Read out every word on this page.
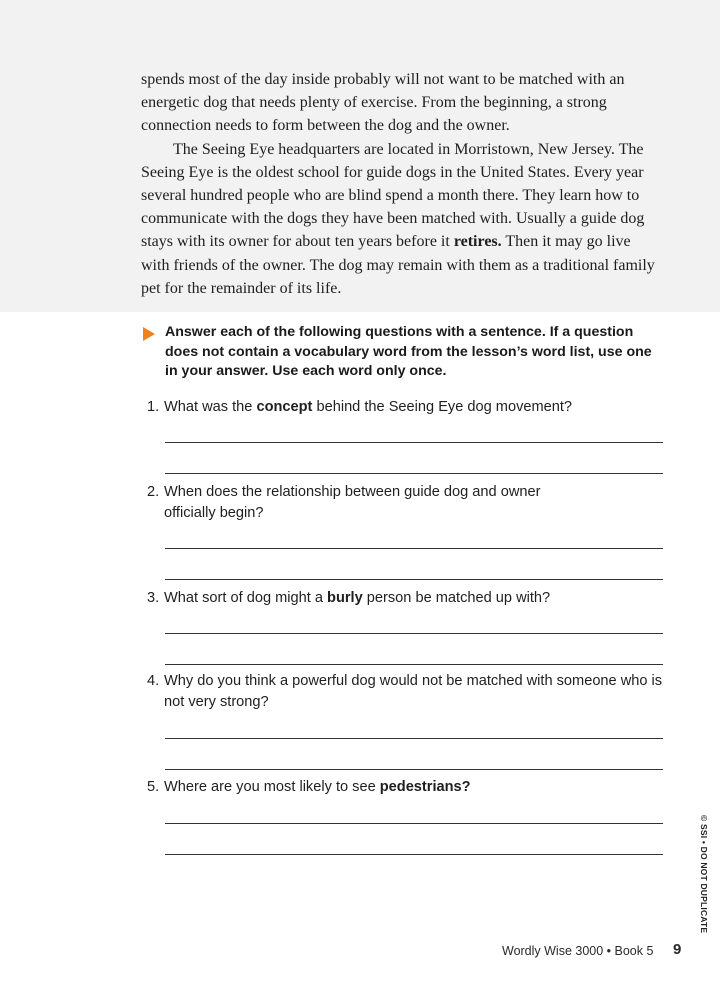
spends most of the day inside probably will not want to be matched with an energetic dog that needs plenty of exercise. From the beginning, a strong connection needs to form between the dog and the owner.

The Seeing Eye headquarters are located in Morristown, New Jersey. The Seeing Eye is the oldest school for guide dogs in the United States. Every year several hundred people who are blind spend a month there. They learn how to communicate with the dogs they have been matched with. Usually a guide dog stays with its owner for about ten years before it retires. Then it may go live with friends of the owner. The dog may remain with them as a traditional family pet for the remainder of its life.

Answer each of the following questions with a sentence. If a question does not contain a vocabulary word from the lesson’s word list, use one in your answer. Use each word only once.
1. What was the concept behind the Seeing Eye dog movement?
2. When does the relationship between guide dog and owner officially begin?
3. What sort of dog might a burly person be matched up with?
4. Why do you think a powerful dog would not be matched with someone who is not very strong?
5. Where are you most likely to see pedestrians?
© SSI • DO NOT DUPLICATE
Wordly Wise 3000 • Book 5 9
